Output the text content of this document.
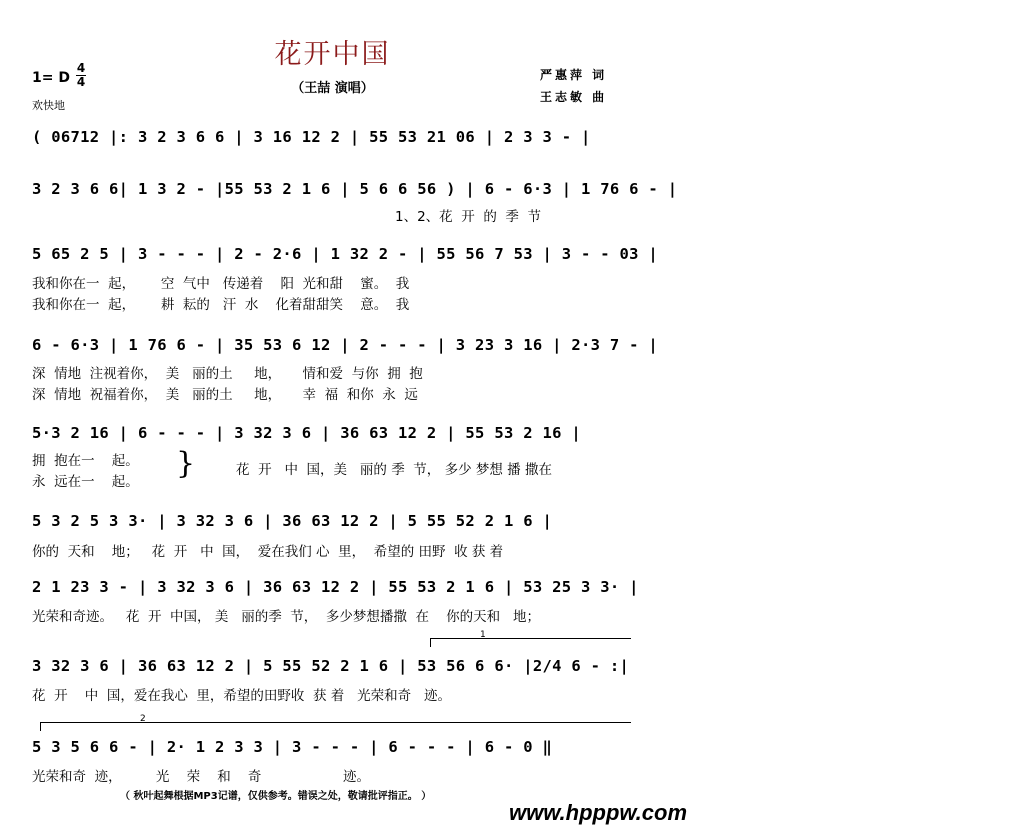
花开中国
（王喆 演唱）
1= D
4
4
欢快地
严惠萍 词
王志敏 曲
( 06712 |: 3 2 3 6 6 | 3 16 12 2 | 55 53 21 06 | 2 3 3 - |
3 2 3 6 6| 1 3 2 - |55 53 2 1 6 | 5 6 6 56 ) | 6 - 6·3 | 1 76 6 - |
1、2、花  开  的  季  节
5 65 2 5 | 3 - - - | 2 - 2·6 | 1 32 2 - | 55 56 7 53 | 3 - - 03 |
我和你在一  起，      空  气中   传递着    阳  光和甜    蜜。  我
我和你在一  起，      耕  耘的   汗  水    化着甜甜笑    意。  我
6 - 6·3 | 1 76 6 - | 35 53 6 12 | 2 - - - | 3 23 3 16 | 2·3 7 - |
深  情地  注视着你，  美   丽的土     地，     情和爱  与你  拥  抱
深  情地  祝福着你，  美   丽的土     地，     幸  福  和你  永  远
5·3 2 16 | 6 - - - | 3 32 3 6 | 36 63 12 2 | 55 53 2 16 |
拥  抱在一    起。
永  远在一    起。
}	花  开   中  国，美   丽的 季  节， 多少 梦想 播 撒在
5 3 2 5 3 3· | 3 32 3 6 | 36 63 12 2 | 5 55 52 2 1 6 |
你的  天和    地；   花  开   中  国，  爱在我们 心  里，  希望的 田野  收 获 着
2 1 23 3 - | 3 32 3 6 | 36 63 12 2 | 55 53 2 1 6 | 53 25 3 3· |
光荣和奇迹。   花  开  中国， 美   丽的季  节，  多少梦想播撒  在    你的天和   地；
1
3 32 3 6 | 36 63 12 2 | 5 55 52 2 1 6 | 53 56 6 6· |2/4 6 - :|
花  开    中  国，爱在我心  里，希望的田野收  获 着   光荣和奇   迹。
2
5 3 5 6 6 - | 2· 1 2 3 3 | 3 - - - | 6 - - - | 6 - 0 ‖
光荣和奇  迹，        光    荣    和    奇                   迹。
（ 秋叶起舞根据MP3记谱，仅供参考。错误之处，敬请批评指正。 ）
www.hpppw.com
